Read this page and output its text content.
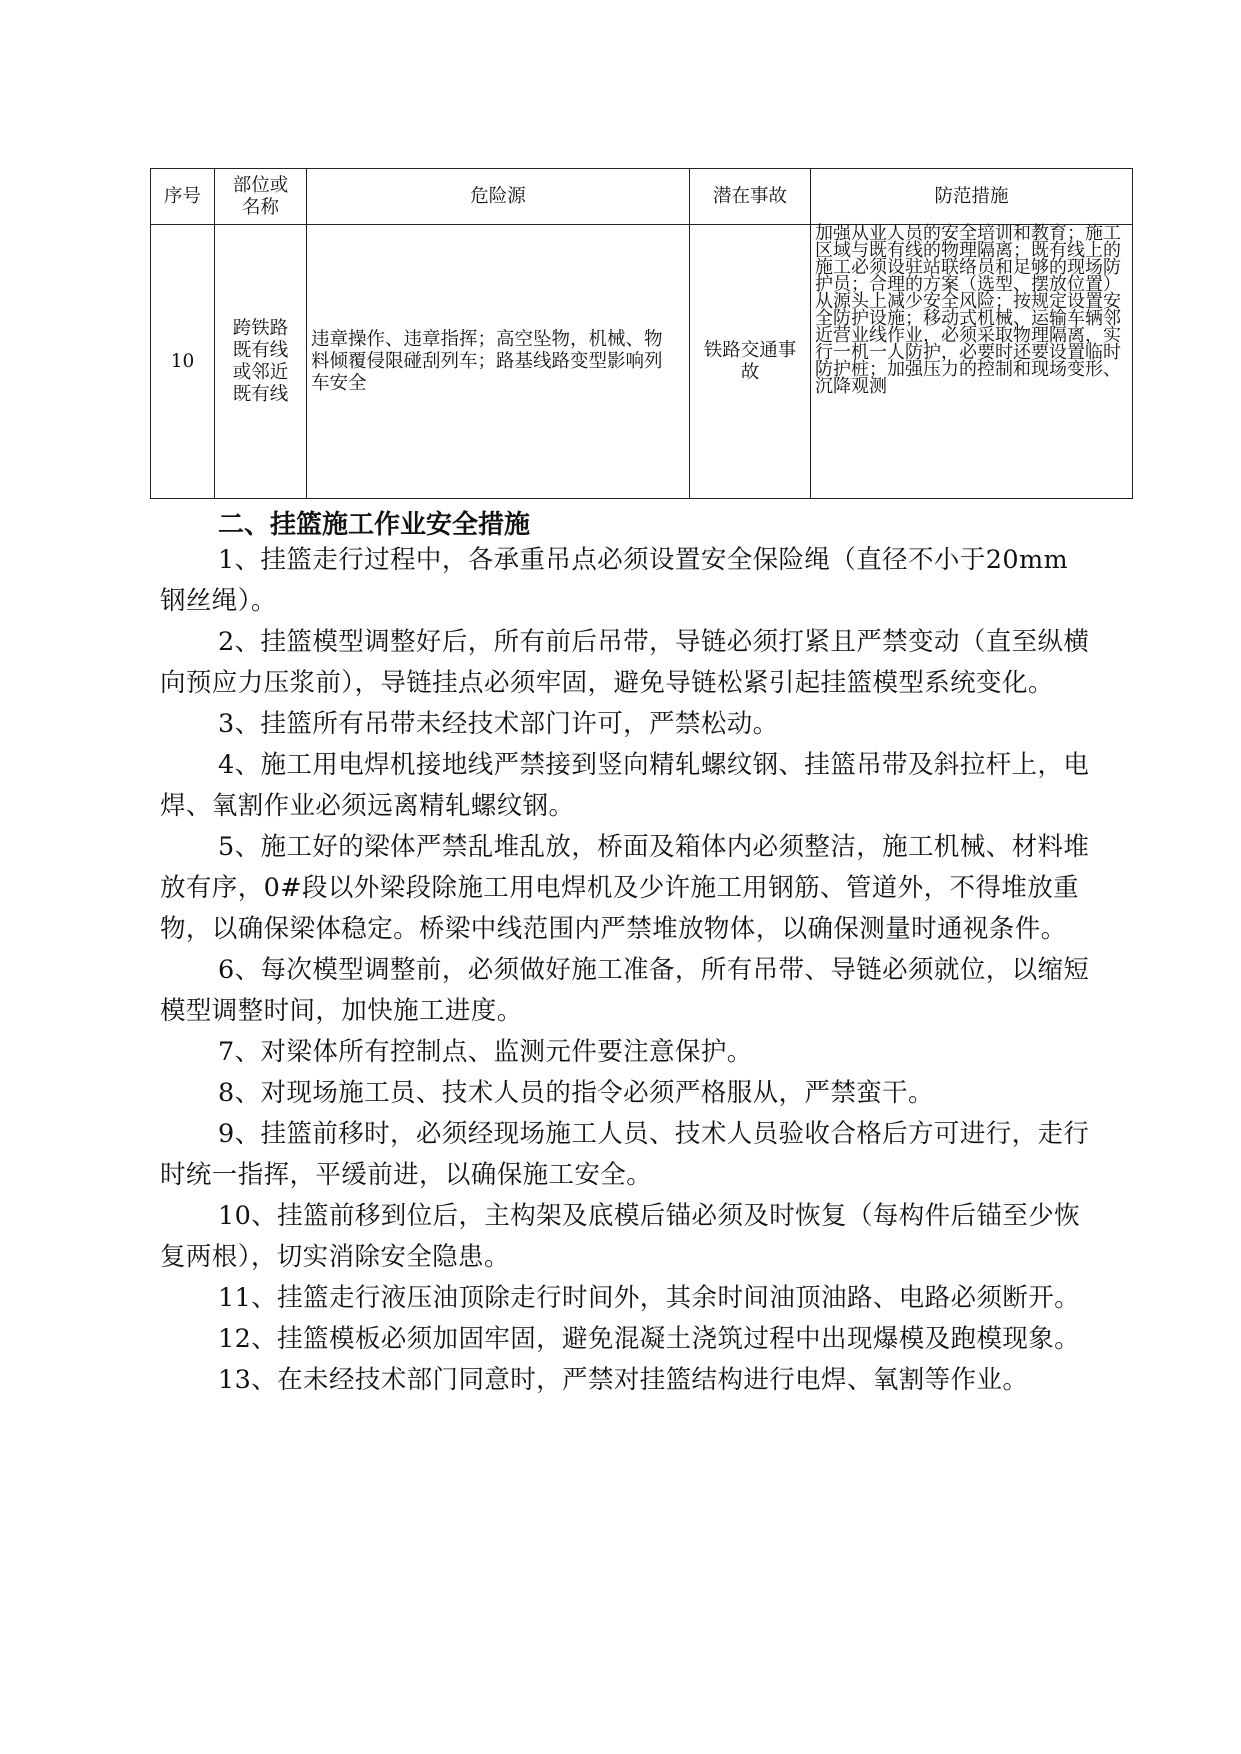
序号	部位或名称	危险源	潜在事故	防范措施
10	跨铁路既有线或邻近既有线	违章操作、违章指挥；高空坠物，机械、物料倾覆侵限碰刮列车；路基线路变型影响列车安全	铁路交通事故	加强从业人员的安全培训和教育；施工区域与既有线的物理隔离；既有线上的施工必须设驻站联络员和足够的现场防护员；合理的方案（选型、摆放位置）从源头上减少安全风险；按规定设置安全防护设施；移动式机械、运输车辆邻近营业线作业，必须采取物理隔离，实行一机一人防护，必要时还要设置临时防护桩；加强压力的控制和现场变形、沉降观测
二、挂篮施工作业安全措施

1、挂篮走行过程中，各承重吊点必须设置安全保险绳（直径不小于20mm钢丝绳）。

2、挂篮模型调整好后，所有前后吊带，导链必须打紧且严禁变动（直至纵横向预应力压浆前），导链挂点必须牢固，避免导链松紧引起挂篮模型系统变化。

3、挂篮所有吊带未经技术部门许可，严禁松动。

4、施工用电焊机接地线严禁接到竖向精轧螺纹钢、挂篮吊带及斜拉杆上，电焊、氧割作业必须远离精轧螺纹钢。

5、施工好的梁体严禁乱堆乱放，桥面及箱体内必须整洁，施工机械、材料堆放有序，0#段以外梁段除施工用电焊机及少许施工用钢筋、管道外，不得堆放重物，以确保梁体稳定。桥梁中线范围内严禁堆放物体，以确保测量时通视条件。

6、每次模型调整前，必须做好施工准备，所有吊带、导链必须就位，以缩短模型调整时间，加快施工进度。

7、对梁体所有控制点、监测元件要注意保护。

8、对现场施工员、技术人员的指令必须严格服从，严禁蛮干。

9、挂篮前移时，必须经现场施工人员、技术人员验收合格后方可进行，走行时统一指挥，平缓前进，以确保施工安全。

10、挂篮前移到位后，主构架及底模后锚必须及时恢复（每构件后锚至少恢复两根），切实消除安全隐患。

11、挂篮走行液压油顶除走行时间外，其余时间油顶油路、电路必须断开。

12、挂篮模板必须加固牢固，避免混凝土浇筑过程中出现爆模及跑模现象。

13、在未经技术部门同意时，严禁对挂篮结构进行电焊、氧割等作业。
